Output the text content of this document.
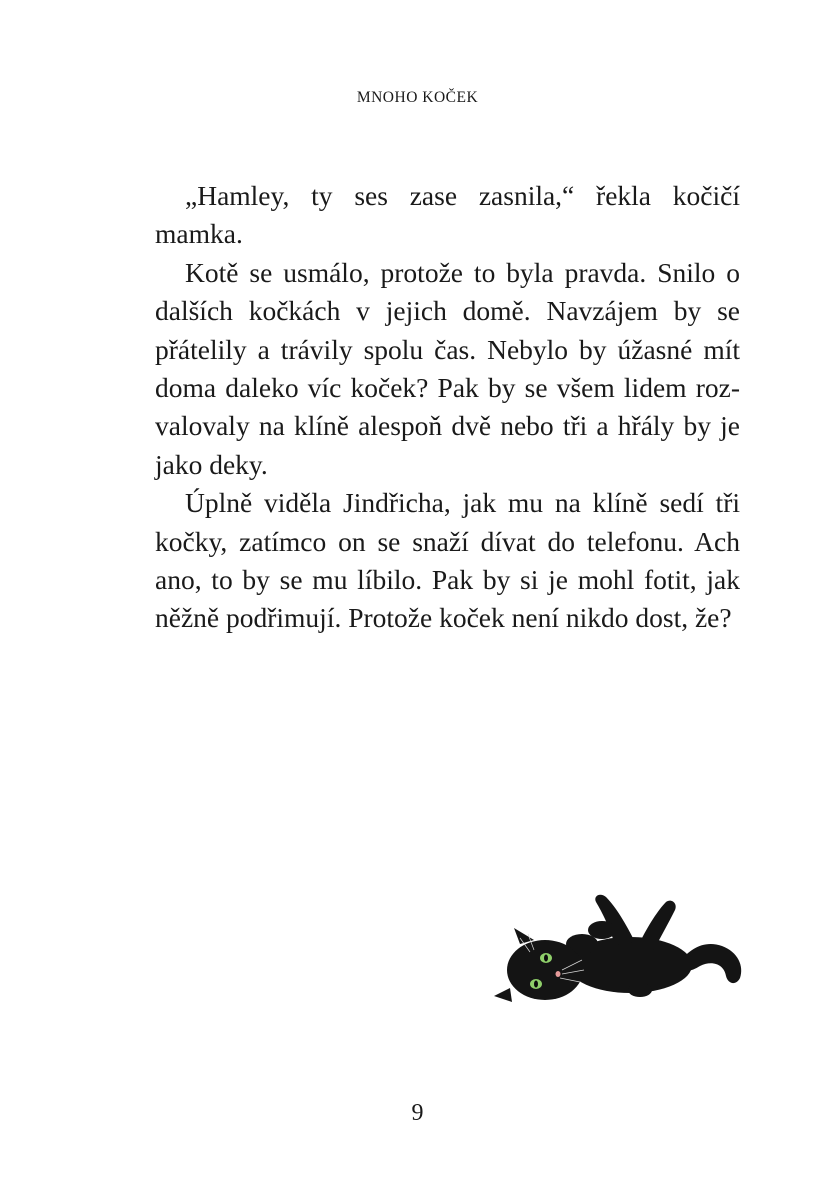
MNOHO KOČEK

„Hamley, ty ses zase zasnila,“ řekla kočičí mamka.

Kotě se usmálo, protože to byla pravda. Snilo o dalších kočkách v jejich domě. Navzájem by se přátelily a trávily spolu čas. Nebylo by úžasné mít doma daleko víc koček? Pak by se všem lidem rozvalovaly na klíně alespoň dvě nebo tři a hřály by je jako deky.

Úplně viděla Jindřicha, jak mu na klíně sedí tři kočky, zatímco on se snaží dívat do telefonu. Ach ano, to by se mu líbilo. Pak by si je mohl fotit, jak něžně podřimují. Protože koček není nikdo dost, že?

9
